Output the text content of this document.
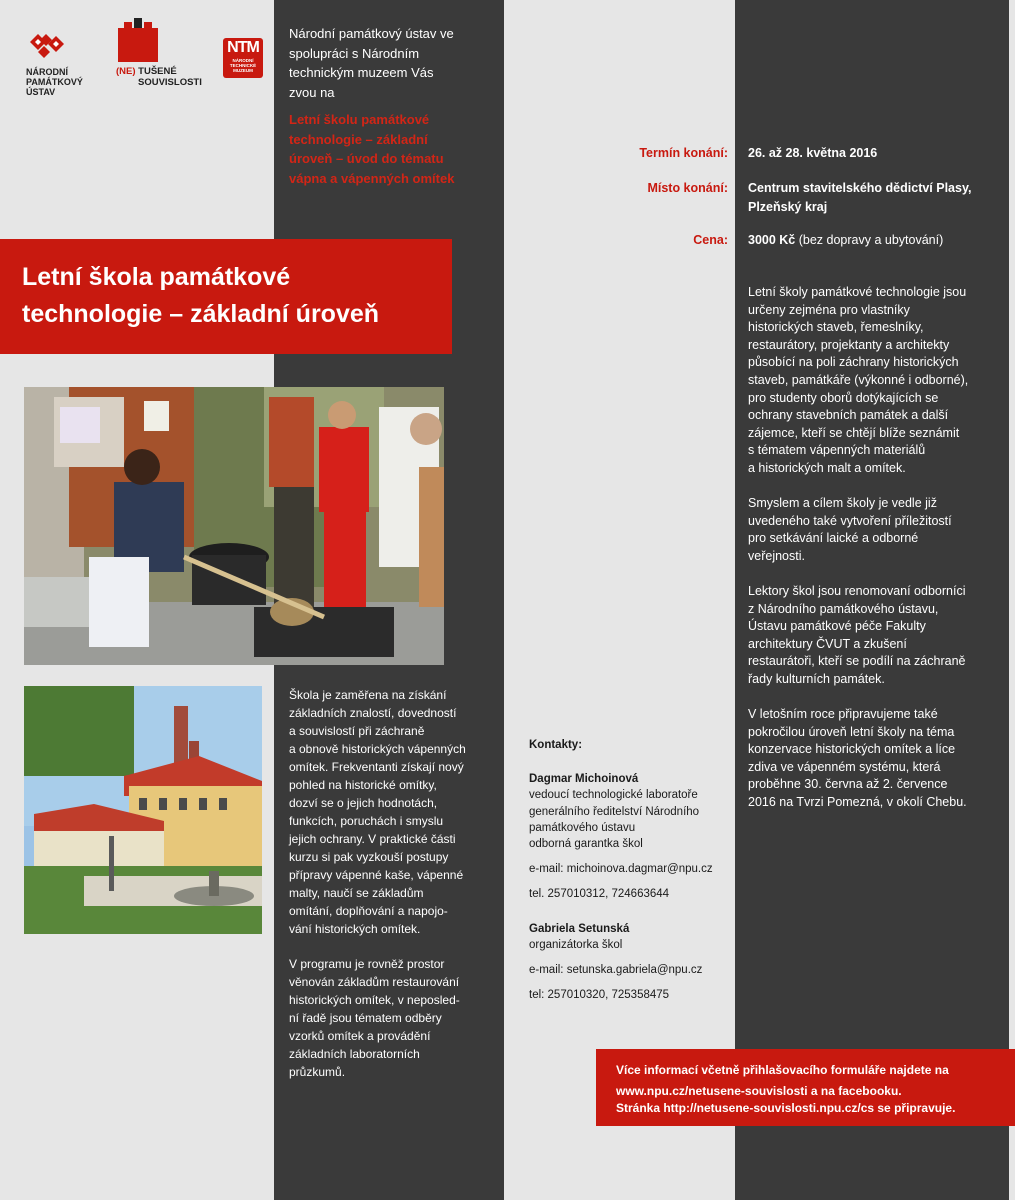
NÁRODNÍ
PAMÁTKOVÝ
ÚSTAV
(NE) TUŠENÉ
SOUVISLOSTI
NTM
NÁRODNÍ
TECHNICKÉ
MUZEUM
Národní památkový ústav ve
spolupráci s Národním
technickým muzeem Vás
zvou na
Letní školu památkové
technologie – základní
úroveň – úvod do tématu
vápna a vápenných omítek
Letní škola památkové
technologie – základní úroveň

Škola je zaměřena na získání
základních znalostí, dovedností
a souvislostí při záchraně
a obnově historických vápenných
omítek. Frekventanti získají nový
pohled na historické omítky,
dozví se o jejich hodnotách,
funkcích, poruchách i smyslu
jejich ochrany. V praktické části
kurzu si pak vyzkouší postupy
přípravy vápenné kaše, vápenné
malty, naučí se základům
omítání, doplňování a napojo-
vání historických omítek.

V programu je rovněž prostor
věnován základům restaurování
historických omítek, v neposled-
ní řadě jsou tématem odběry
vzorků omítek a provádění
základních laboratorních
průzkumů.

Termín konání: 26. až 28. května 2016
Místo konání: Centrum stavitelského dědictví Plasy,
Plzeňský kraj
Cena: 3000 Kč (bez dopravy a ubytování)

Letní školy památkové technologie jsou
určeny zejména pro vlastníky
historických staveb, řemeslníky,
restaurátory, projektanty a architekty
působící na poli záchrany historických
staveb, památkáře (výkonné i odborné),
pro studenty oborů dotýkajících se
ochrany stavebních památek a další
zájemce, kteří se chtějí blíže seznámit
s tématem vápenných materiálů
a historických malt a omítek.

Smyslem a cílem školy je vedle již
uvedeného také vytvoření příležitostí
pro setkávání laické a odborné
veřejnosti.

Lektory škol jsou renomovaní odborníci
z Národního památkového ústavu,
Ústavu památkové péče Fakulty
architektury ČVUT a zkušení
restaurátoři, kteří se podílí na záchraně
řady kulturních památek.

V letošním roce připravujeme také
pokročilou úroveň letní školy na téma
konzervace historických omítek a líce
zdiva ve vápenném systému, která
proběhne 30. června až 2. července
2016 na Tvrzi Pomezná, v okolí Chebu.

Kontakty:

Dagmar Michoinová

vedoucí technologické laboratoře

generálního ředitelství Národního

památkového ústavu

odborná garantka škol

e-mail: michoinova.dagmar@npu.cz

tel. 257010312, 724663644

Gabriela Setunská

organizátorka škol

e-mail: setunska.gabriela@npu.cz

tel: 257010320, 725358475

Více informací včetně přihlašovacího formuláře najdete na
www.npu.cz/netusene-souvislosti a na facebooku.
Stránka http://netusene-souvislosti.npu.cz/cs se připravuje.
